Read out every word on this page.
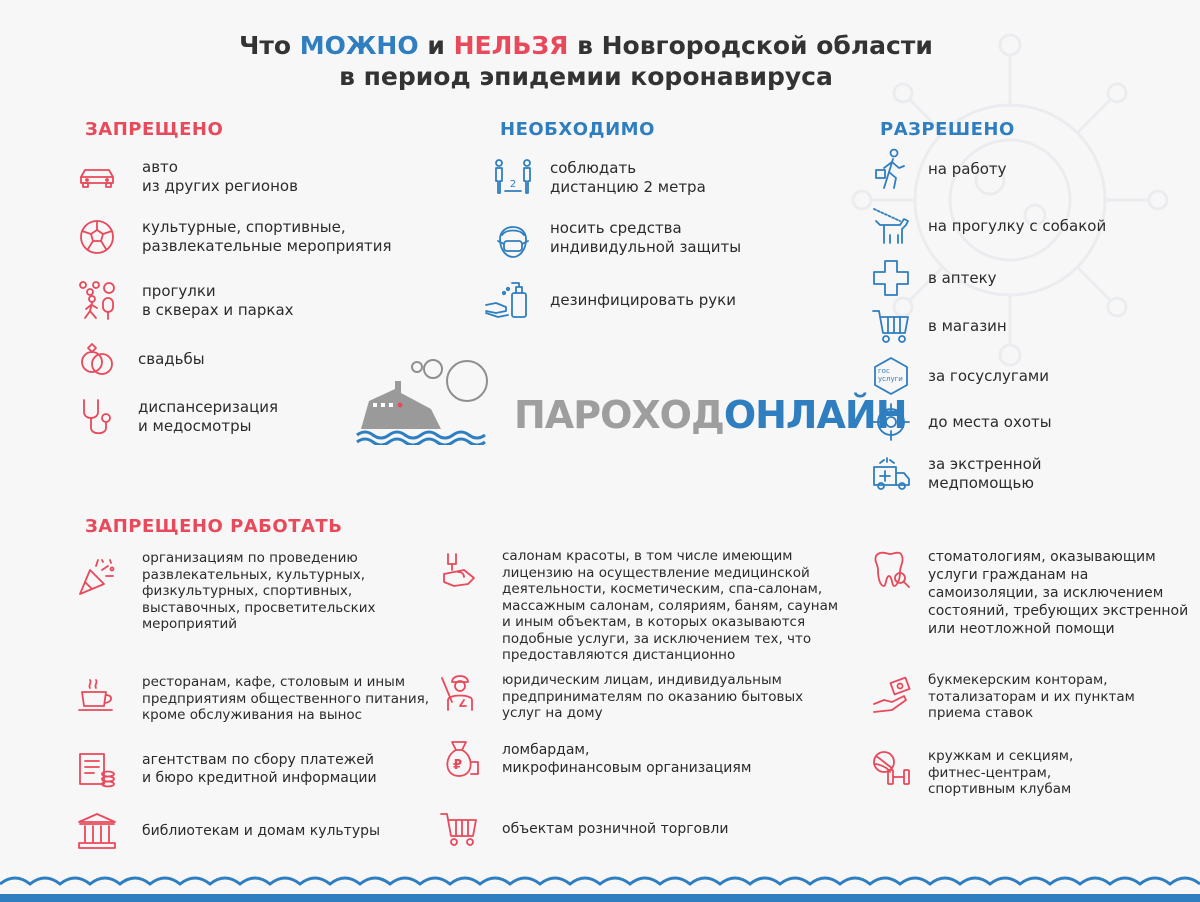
Что МОЖНО и НЕЛЬЗЯ в Новгородской области
в период эпидемии коронавируса
ЗАПРЕЩЕНО
авто
из других регионов
культурные, спортивные,
развлекательные мероприятия
прогулки
в скверах и парках
свадьбы
диспансеризация
и медосмотры
НЕОБХОДИМО
2
соблюдать
дистанцию 2 метра
носить средства
индивидульной защиты
дезинфицировать руки
РАЗРЕШЕНО
на работу
на прогулку с собакой
в аптеку
в магазин
гос
услуги за госуслугами
до места охоты
за экстренной
медпомощью
ПАРОХОДОНЛАЙН
ЗАПРЕЩЕНО РАБОТАТЬ
организациям по проведению
развлекательных, культурных,
физкультурных, спортивных,
выставочных, просветительских
мероприятий
ресторанам, кафе, столовым и иным
предприятиям общественного питания,
кроме обслуживания на вынос
агентствам по сбору платежей
и бюро кредитной информации
библиотекам и домам культуры
салонам красоты, в том числе имеющим
лицензию на осуществление медицинской
деятельности, косметическим, спа-салонам,
массажным салонам, соляриям, баням, саунам
и иным объектам, в которых оказываются
подобные услуги, за исключением тех, что
предоставляются дистанционно
юридическим лицам, индивидуальным
предпринимателям по оказанию бытовых
услуг на дому
₽
ломбардам,
микрофинансовым организациям
объектам розничной торговли
стоматологиям, оказывающим
услуги гражданам на
самоизоляции, за исключением
состояний, требующих экстренной
или неотложной помощи
букмекерским конторам,
тотализаторам и их пунктам
приема ставок
кружкам и секциям,
фитнес-центрам,
спортивным клубам
